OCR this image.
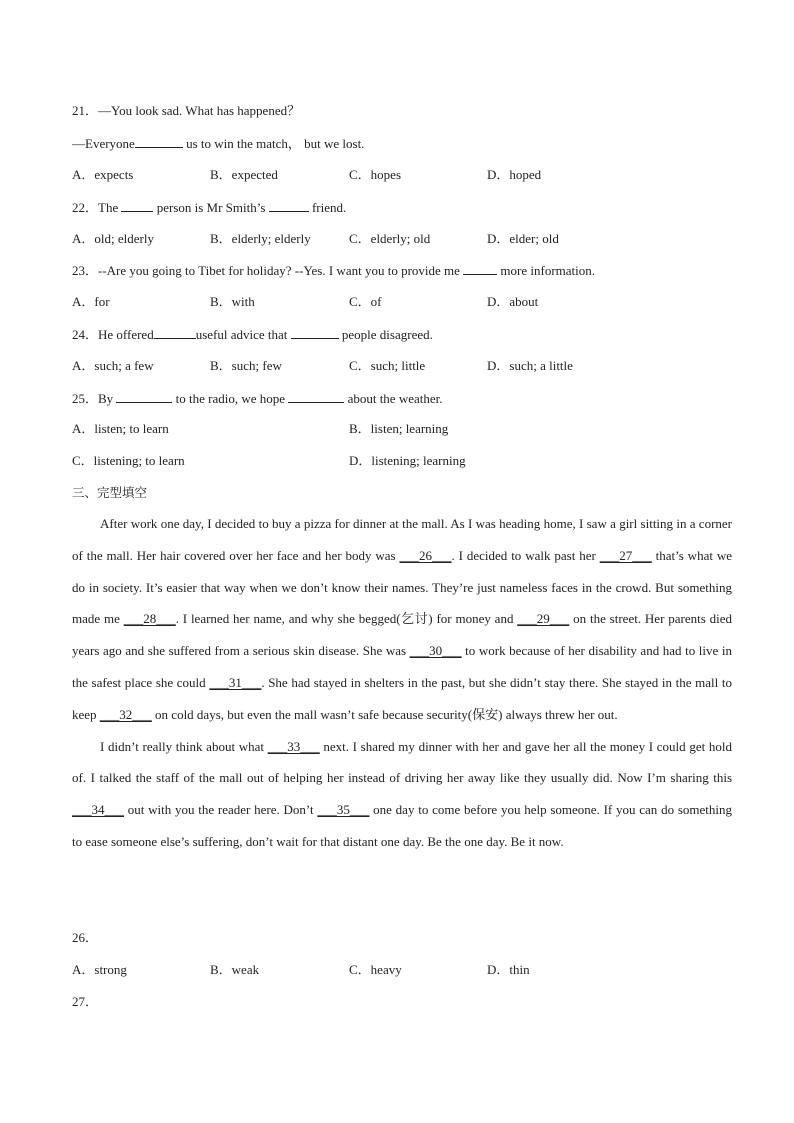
21．—You look sad. What has happened？
—Everyone	us to win the match， but we lost.
A．expects	B．expected	C．hopes	D．hoped
22．The  person is Mr Smith’s	friend.
A．old; elderly	B．elderly; elderly	C．elderly; old	D．elder; old
23．--Are you going to Tibet for holiday? --Yes. I want you to provide me	more information.
A．for	B．with	C．of	D．about
24．He offered	useful advice that	people disagreed.
A．such; a few	B．such; few	C．such; little	D．such; a little
25．By	to the radio, we hope	about the weather.
A．listen; to learn	B．listen; learning
C．listening; to learn	D．listening; learning
三、完型填空

After work one day, I decided to buy a pizza for dinner at the mall. As I was heading home, I saw a girl sitting in a corner of the mall. Her hair covered over her face and her body was ___26___. I decided to walk past her ___27___ that’s what we do in society. It’s easier that way when we don’t know their names. They’re just nameless faces in the crowd. But something made me ___28___. I learned her name, and why she begged(乞讨) for money and ___29___ on the street. Her parents died years ago and she suffered from a serious skin disease. She was ___30___ to work because of her disability and had to live in the safest place she could ___31___. She had stayed in shelters in the past, but she didn’t stay there. She stayed in the mall to keep ___32___ on cold days, but even the mall wasn’t safe because security(保安) always threw her out.

I didn’t really think about what ___33___ next. I shared my dinner with her and gave her all the money I could get hold of. I talked the staff of the mall out of helping her instead of driving her away like they usually did. Now I’m sharing this ___34___ out with you the reader here. Don’t ___35___ one day to come before you help someone. If you can do something to ease someone else’s suffering, don’t wait for that distant one day. Be the one day. Be it now.

26．
A．strong	B．weak	C．heavy	D．thin
27．
